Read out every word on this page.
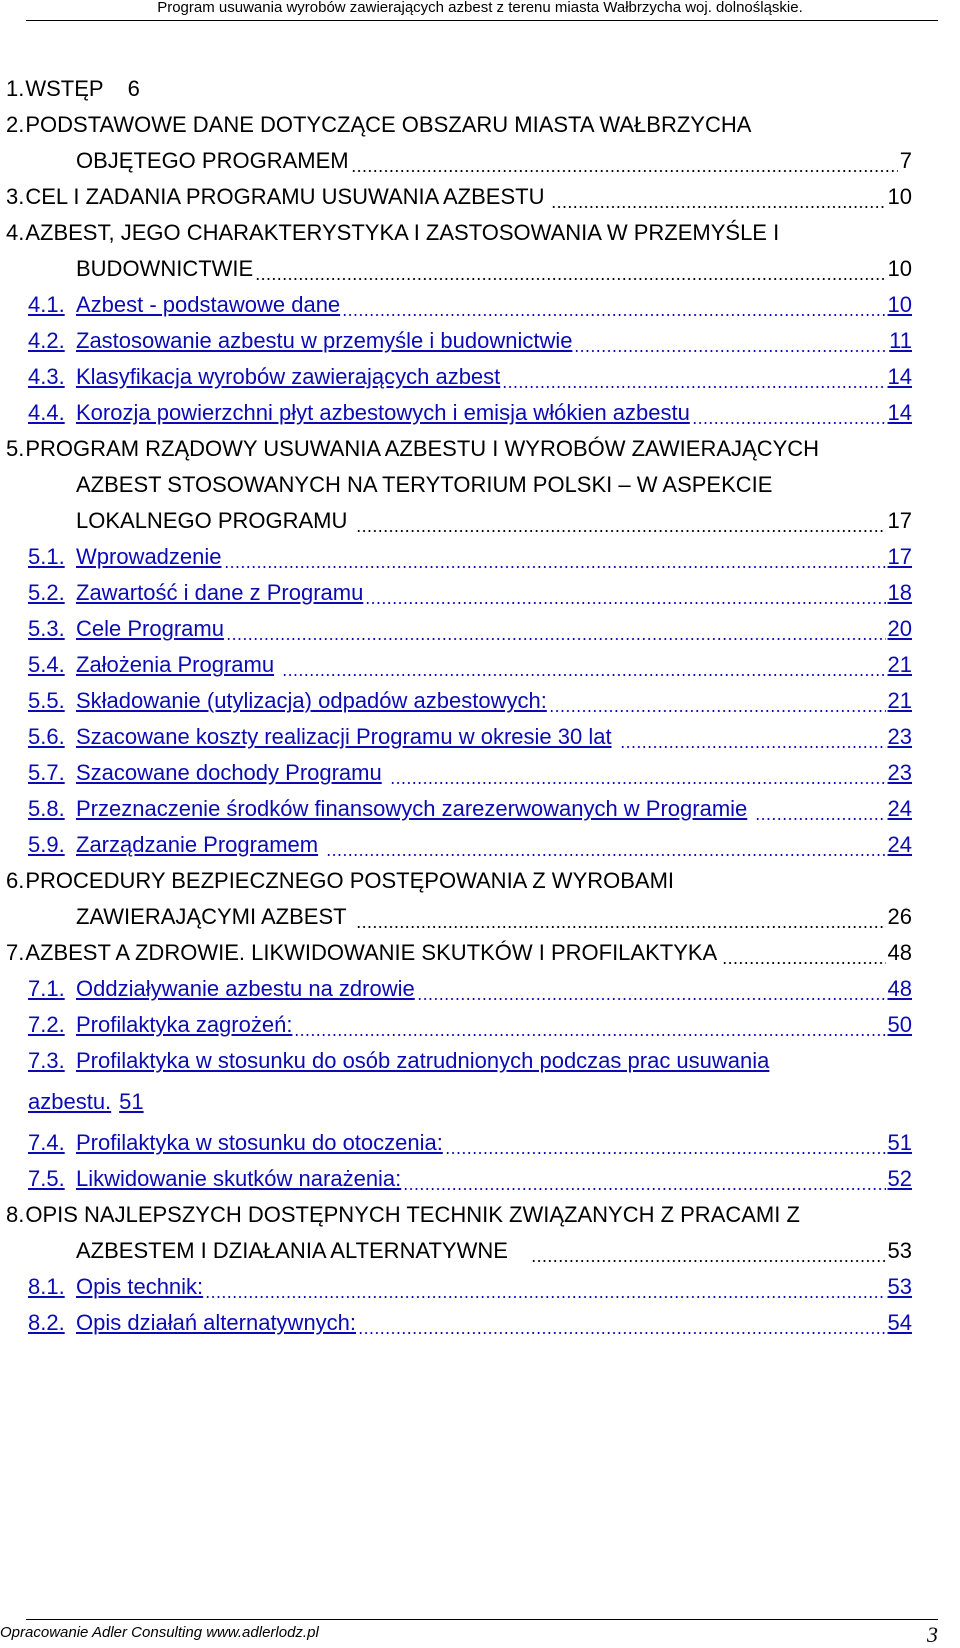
Program usuwania wyrobów zawierających azbest z terenu miasta Wałbrzycha woj. dolnośląskie.
1. WSTĘP 6
2. PODSTAWOWE DANE DOTYCZĄCE OBSZARU MIASTA WAŁBRZYCHA
OBJĘTEGO PROGRAMEM	7
3. CEL I ZADANIA PROGRAMU USUWANIA AZBESTU	10
4. AZBEST, JEGO CHARAKTERYSTYKA I ZASTOSOWANIA W PRZEMYŚLE I
BUDOWNICTWIE	10
4.1. Azbest - podstawowe dane	10
4.2. Zastosowanie azbestu w przemyśle i budownictwie	11
4.3. Klasyfikacja wyrobów zawierających azbest	14
4.4. Korozja powierzchni płyt azbestowych i emisja włókien azbestu	14
5. PROGRAM RZĄDOWY USUWANIA AZBESTU I WYROBÓW ZAWIERAJĄCYCH
AZBEST STOSOWANYCH NA TERYTORIUM POLSKI – W ASPEKCIE
LOKALNEGO PROGRAMU	17
5.1. Wprowadzenie	17
5.2. Zawartość i dane z Programu	18
5.3. Cele Programu	20
5.4. Założenia Programu	21
5.5. Składowanie (utylizacja) odpadów azbestowych:	21
5.6. Szacowane koszty realizacji Programu w okresie 30 lat	23
5.7. Szacowane dochody Programu	23
5.8. Przeznaczenie środków finansowych zarezerwowanych w Programie	24
5.9. Zarządzanie Programem	24
6. PROCEDURY BEZPIECZNEGO POSTĘPOWANIA Z WYROBAMI
ZAWIERAJĄCYMI AZBEST	26
7. AZBEST A ZDROWIE. LIKWIDOWANIE SKUTKÓW I PROFILAKTYKA	48
7.1. Oddziaływanie azbestu na zdrowie	48
7.2. Profilaktyka zagrożeń:	50
7.3. Profilaktyka w stosunku do osób zatrudnionych podczas prac usuwania
azbestu. 51
7.4. Profilaktyka w stosunku do otoczenia:	51
7.5. Likwidowanie skutków narażenia:	52
8. OPIS NAJLEPSZYCH DOSTĘPNYCH TECHNIK ZWIĄZANYCH Z PRACAMI Z
AZBESTEM I DZIAŁANIA ALTERNATYWNE	53
8.1. Opis technik:	53
8.2. Opis działań alternatywnych:	54
Opracowanie Adler Consulting www.adlerlodz.pl	3
